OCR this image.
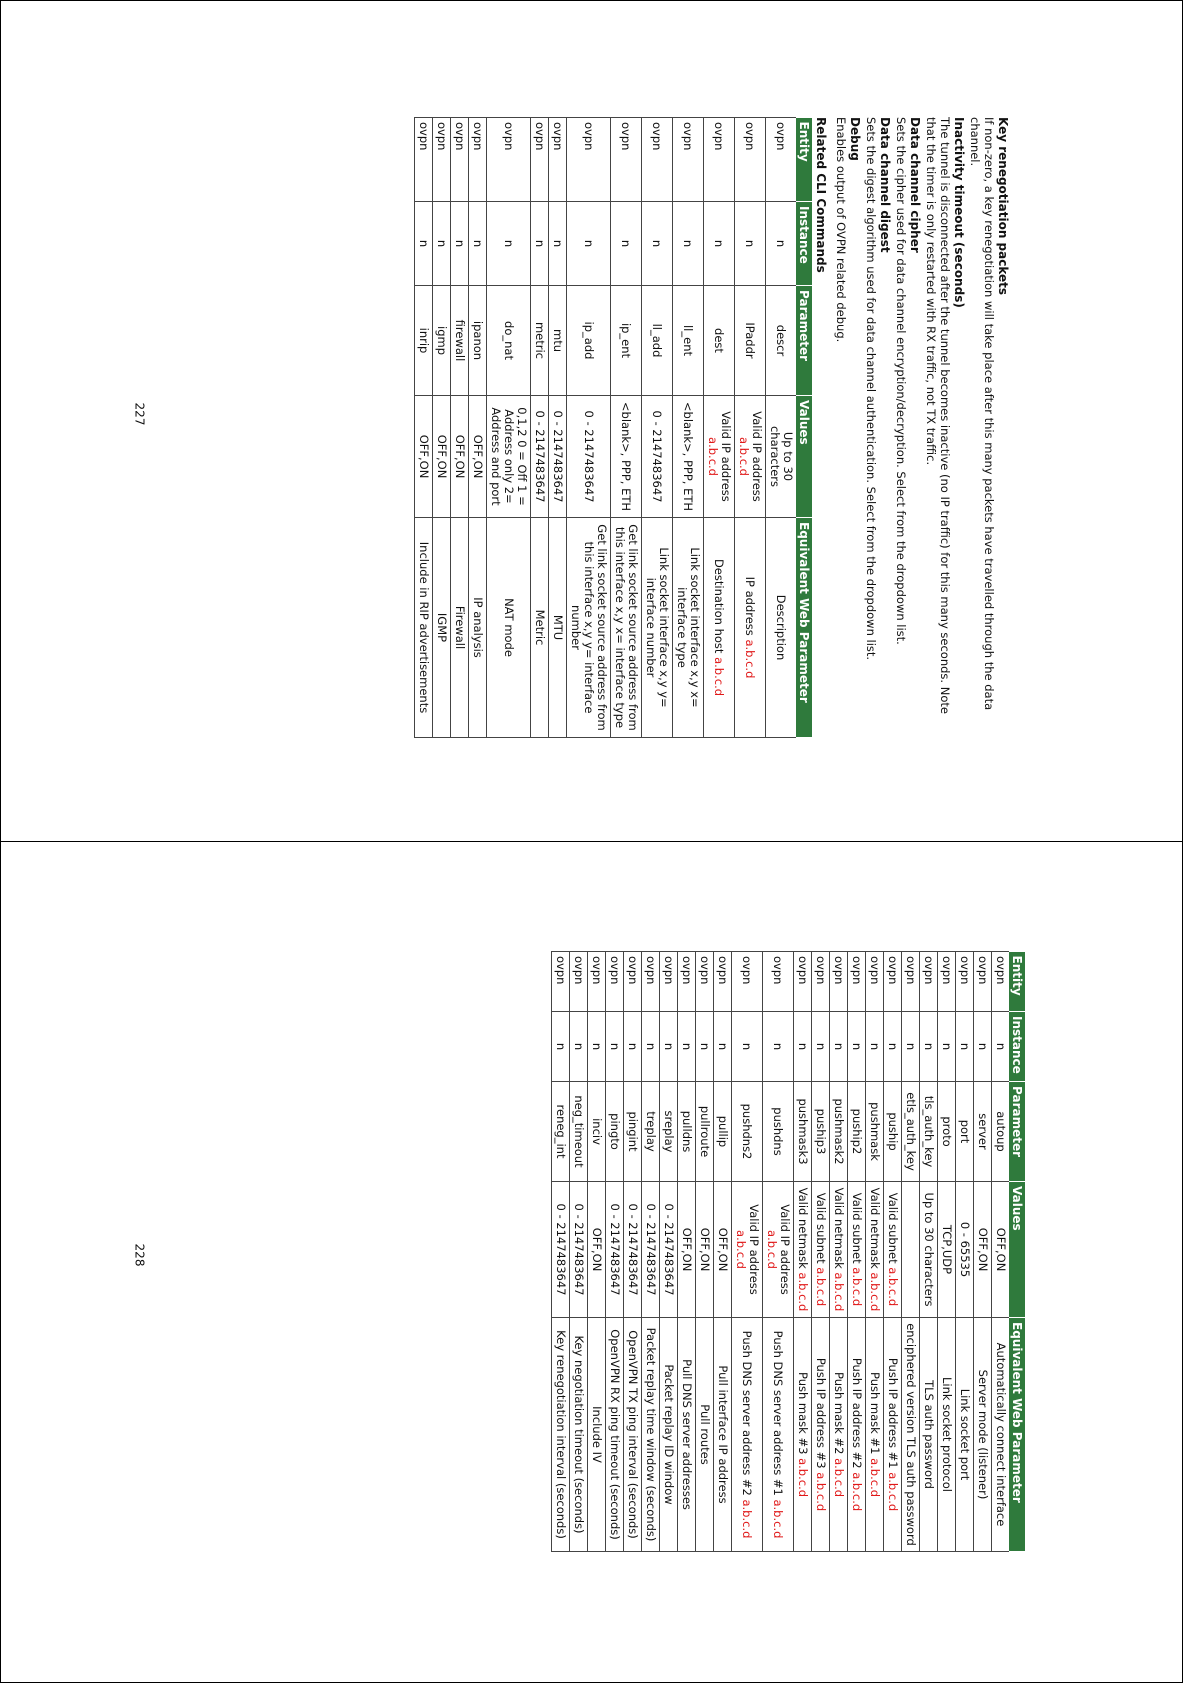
Key renegotiation packets

If non-zero, a key renegotiation will take place after this many packets have travelled through the data channel.

Inactivity timeout (seconds)

The tunnel is disconnected after the tunnel becomes inactive (no IP traffic) for this many seconds. Note that the timer is only restarted with RX traffic, not TX traffic.

Data channel cipher

Sets the cipher used for data channel encryption/decryption. Select from the dropdown list.

Data channel digest

Sets the digest algorithm used for data channel authentication. Select from the dropdown list.

Debug

Enables output of OVPN related debug.

Related CLI Commands
Entity	Instance	Parameter	Values	Equivalent Web Parameter
ovpn	n	descr	Up to 30 characters	Description
ovpn	n	IPaddr	Valid IP address a.b.c.d	IP address a.b.c.d
ovpn	n	dest	Valid IP address a.b.c.d	Destination host a.b.c.d
ovpn	n	ll_ent	<blank>, PPP, ETH	Link socket interface x,y x= interface type
ovpn	n	ll_add	0 - 2147483647	Link socket interface x,y y= interface number
ovpn	n	ip_ent	<blank>, PPP, ETH	Get link socket source address from this interface x,y x= interface type
ovpn	n	ip_add	0 - 2147483647	Get link socket source address from this interface x,y y= interface number
ovpn	n	mtu	0 - 2147483647	MTU
ovpn	n	metric	0 - 2147483647	Metric
ovpn	n	do_nat	0,1,2 0 = Off 1 = Address only 2= Address and port	NAT mode
ovpn	n	ipanon	OFF,ON	IP analysis
ovpn	n	firewall	OFF,ON	Firewall
ovpn	n	igmp	OFF,ON	IGMP
ovpn	n	inrip	OFF,ON	Include in RIP advertisements
227
Entity	Instance	Parameter	Values	Equivalent Web Parameter
ovpn	n	autoup	OFF,ON	Automatically connect interface
ovpn	n	server	OFF,ON	Server mode (listener)
ovpn	n	port	0 - 65535	Link socket port
ovpn	n	proto	TCP,UDP	Link socket protocol
ovpn	n	tls_auth_key	Up to 30 characters	TLS auth password
ovpn	n	etls_auth_key		enciphered version TLS auth password
ovpn	n	puship	Valid subnet a.b.c.d	Push IP address #1 a.b.c.d
ovpn	n	pushmask	Valid netmask a.b.c.d	Push mask #1 a.b.c.d
ovpn	n	puship2	Valid subnet a.b.c.d	Push IP address #2 a.b.c.d
ovpn	n	pushmask2	Valid netmask a.b.c.d	Push mask #2 a.b.c.d
ovpn	n	puship3	Valid subnet a.b.c.d	Push IP address #3 a.b.c.d
ovpn	n	pushmask3	Valid netmask a.b.c.d	Push mask #3 a.b.c.d
ovpn	n	pushdns	Valid IP address a.b.c.d	Push DNS server address #1 a.b.c.d
ovpn	n	pushdns2	Valid IP address a.b.c.d	Push DNS server address #2 a.b.c.d
ovpn	n	pullip	OFF,ON	Pull interface IP address
ovpn	n	pullroute	OFF,ON	Pull routes
ovpn	n	pulldns	OFF,ON	Pull DNS server addresses
ovpn	n	sreplay	0 - 2147483647	Packet replay ID window
ovpn	n	treplay	0 - 2147483647	Packet replay time window (seconds)
ovpn	n	pingint	0 - 2147483647	OpenVPN TX ping interval (seconds)
ovpn	n	pingto	0 - 2147483647	OpenVPN RX ping timeout (seconds)
ovpn	n	inciv	OFF,ON	Include IV
ovpn	n	neg_timeout	0 - 2147483647	Key negotiation timeout (seconds)
ovpn	n	reneg_int	0 - 2147483647	Key renegotiation interval (seconds)
228
